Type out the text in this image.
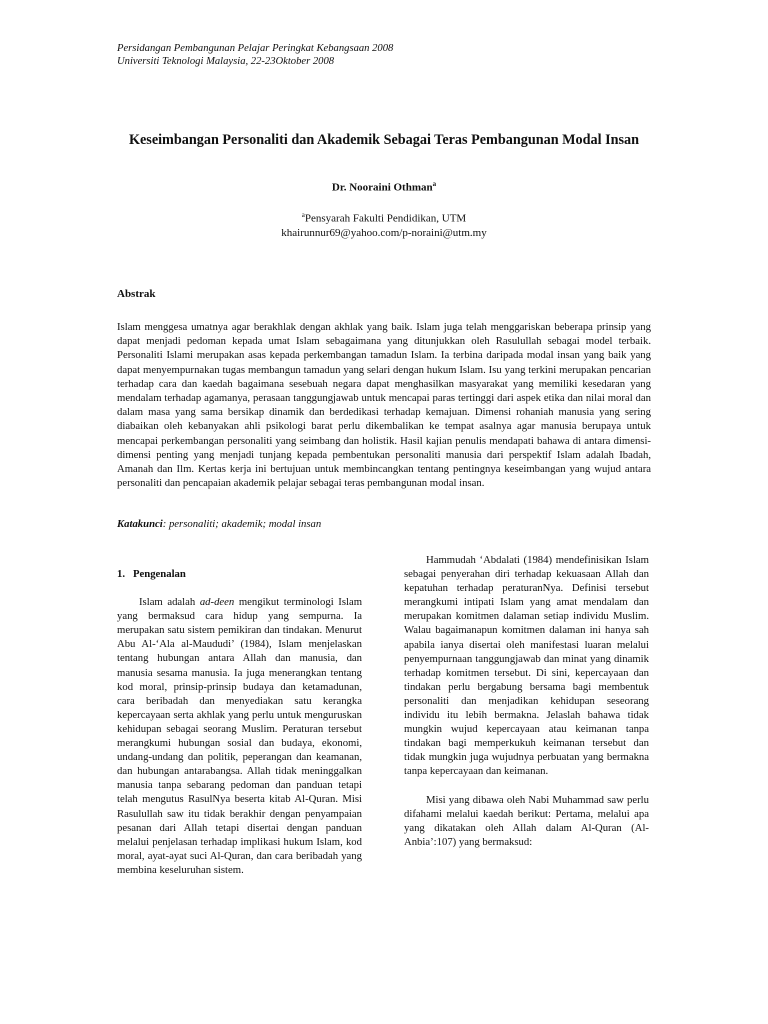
Persidangan Pembangunan Pelajar Peringkat Kebangsaan 2008
Universiti Teknologi Malaysia, 22-23Oktober 2008
Keseimbangan Personaliti dan Akademik Sebagai Teras Pembangunan Modal Insan
Dr. Nooraini Othman$^a$
$^a$Pensyarah Fakulti Pendidikan, UTM
khairunnur69@yahoo.com/p-noraini@utm.my
Abstrak
Islam menggesa umatnya agar berakhlak dengan akhlak yang baik. Islam juga telah menggariskan beberapa prinsip yang dapat menjadi pedoman kepada umat Islam sebagaimana yang ditunjukkan oleh Rasulullah sebagai model terbaik. Personaliti Islami merupakan asas kepada perkembangan tamadun Islam. Ia terbina daripada modal insan yang baik yang dapat menyempurnakan tugas membangun tamadun yang selari dengan hukum Islam. Isu yang terkini merupakan pencarian terhadap cara dan kaedah bagaimana sesebuah negara dapat menghasilkan masyarakat yang memiliki kesedaran yang mendalam terhadap agamanya, perasaan tanggungjawab untuk mencapai paras tertinggi dari aspek etika dan nilai moral dan dalam masa yang sama bersikap dinamik dan berdedikasi terhadap kemajuan. Dimensi rohaniah manusia yang sering diabaikan oleh kebanyakan ahli psikologi barat perlu dikembalikan ke tempat asalnya agar manusia berupaya untuk mencapai perkembangan personaliti yang seimbang dan holistik. Hasil kajian penulis mendapati bahawa di antara dimensi-dimensi penting yang menjadi tunjang kepada pembentukan personaliti manusia dari perspektif Islam adalah Ibadah, Amanah dan Ilm. Kertas kerja ini bertujuan untuk membincangkan tentang pentingnya keseimbangan yang wujud antara personaliti dan pencapaian akademik pelajar sebagai teras pembangunan modal insan.
Katakunci: personaliti; akademik; modal insan
1. Pengenalan

Islam adalah ad-deen mengikut terminologi Islam yang bermaksud cara hidup yang sempurna. Ia merupakan satu sistem pemikiran dan tindakan. Menurut Abu Al-‘Ala al-Maududi’ (1984), Islam menjelaskan tentang hubungan antara Allah dan manusia, dan manusia sesama manusia. Ia juga menerangkan tentang kod moral, prinsip-prinsip budaya dan ketamadunan, cara beribadah dan menyediakan satu kerangka kepercayaan serta akhlak yang perlu untuk menguruskan kehidupan sebagai seorang Muslim. Peraturan tersebut merangkumi hubungan sosial dan budaya, ekonomi, undang-undang dan politik, peperangan dan keamanan, dan hubungan antarabangsa. Allah tidak meninggalkan manusia tanpa sebarang pedoman dan panduan tetapi telah mengutus RasulNya beserta kitab Al-Quran. Misi Rasulullah saw itu tidak berakhir dengan penyampaian pesanan dari Allah tetapi disertai dengan panduan melalui penjelasan terhadap implikasi hukum Islam, kod moral, ayat-ayat suci Al-Quran, dan cara beribadah yang membina keseluruhan sistem.

Hammudah ‘Abdalati (1984) mendefinisikan Islam sebagai penyerahan diri terhadap kekuasaan Allah dan kepatuhan terhadap peraturanNya. Definisi tersebut merangkumi intipati Islam yang amat mendalam dan merupakan komitmen dalaman setiap individu Muslim. Walau bagaimanapun komitmen dalaman ini hanya sah apabila ianya disertai oleh manifestasi luaran melalui penyempurnaan tanggungjawab dan minat yang dinamik terhadap komitmen tersebut. Di sini, kepercayaan dan tindakan perlu bergabung bersama bagi membentuk personaliti dan menjadikan kehidupan seseorang individu itu lebih bermakna. Jelaslah bahawa tidak mungkin wujud kepercayaan atau keimanan tanpa tindakan bagi memperkukuh keimanan tersebut dan tidak mungkin juga wujudnya perbuatan yang bermakna tanpa kepercayaan dan keimanan.

Misi yang dibawa oleh Nabi Muhammad saw perlu difahami melalui kaedah berikut: Pertama, melalui apa yang dikatakan oleh Allah dalam Al-Quran (Al-Anbia’:107) yang bermaksud:
